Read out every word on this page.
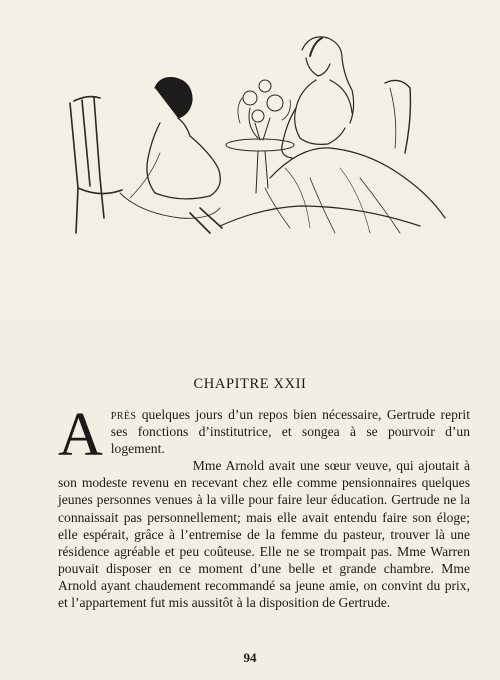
CHAPITRE XXII

Après quelques jours d’un repos bien nécessaire, Gertrude reprit ses fonctions d’institutrice, et songea à se pourvoir d’un logement.

Mme Arnold avait une sœur veuve, qui ajoutait à son modeste revenu en recevant chez elle comme pensionnaires quelques jeunes personnes venues à la ville pour faire leur éducation. Gertrude ne la connaissait pas personnellement; mais elle avait entendu faire son éloge; elle espérait, grâce à l’entremise de la femme du pasteur, trouver là une résidence agréable et peu coûteuse. Elle ne se trompait pas. Mme Warren pouvait disposer en ce moment d’une belle et grande chambre. Mme Arnold ayant chaudement recommandé sa jeune amie, on convint du prix, et l’appartement fut mis aussitôt à la disposition de Gertrude.

94
